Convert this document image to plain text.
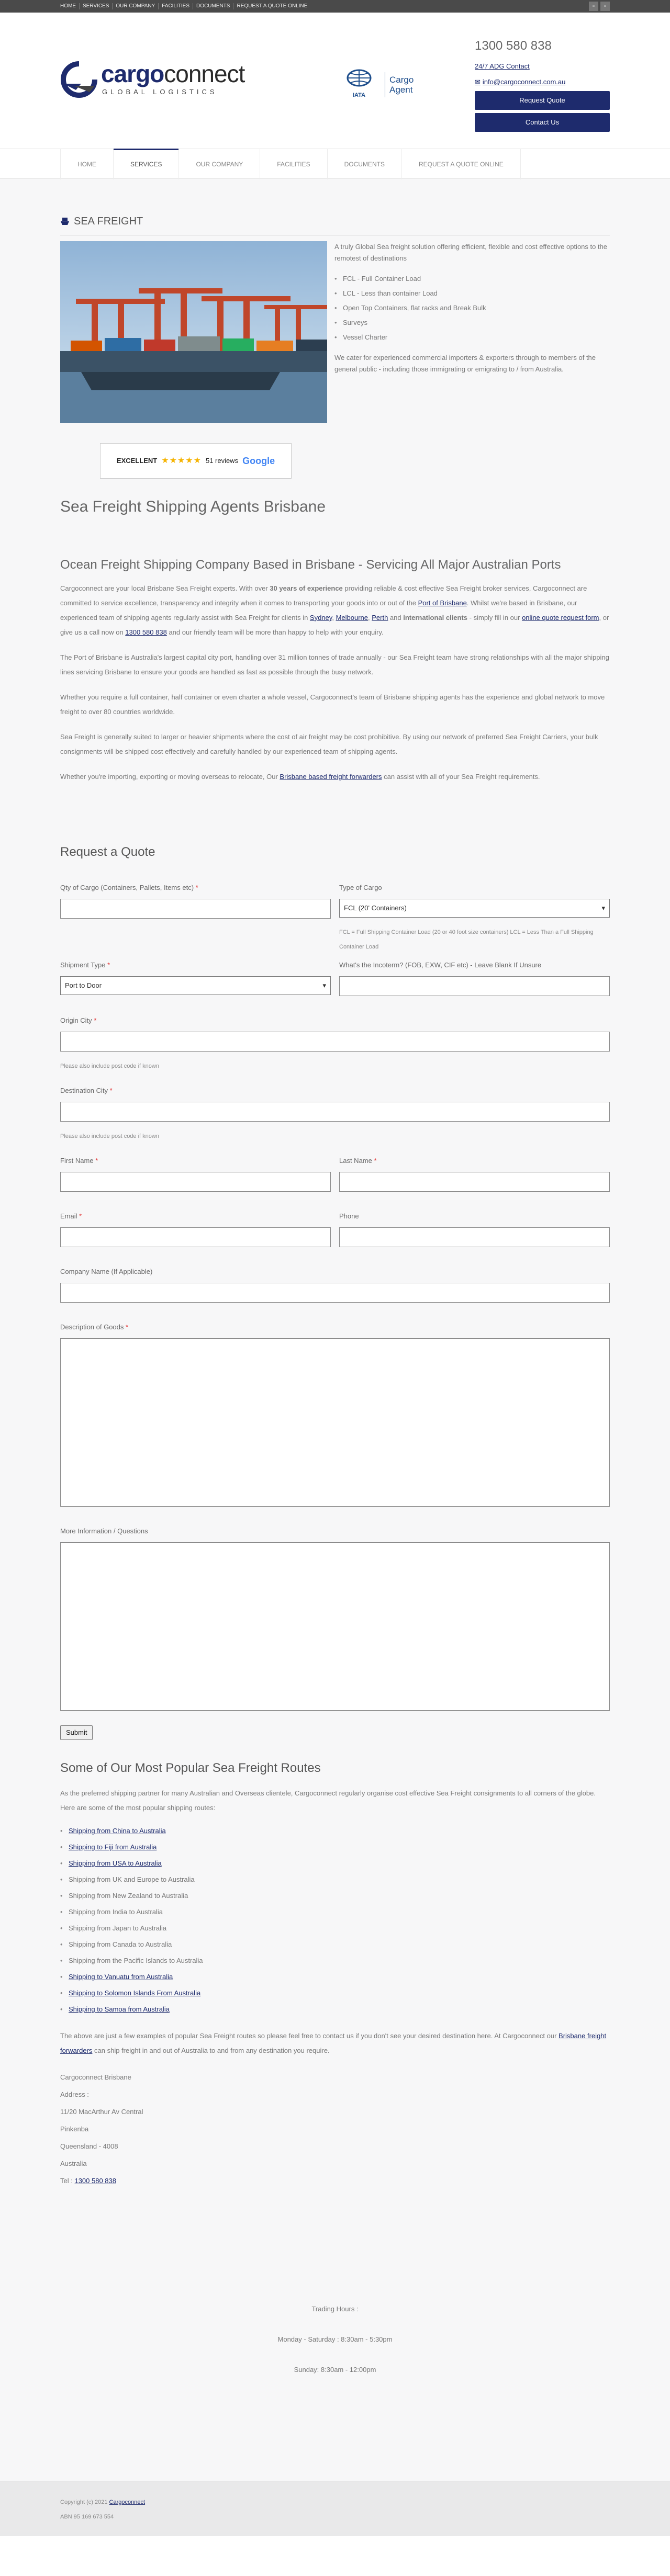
HOME	SERVICES	OUR COMPANY	FACILITIES	DOCUMENTS	REQUEST A QUOTE ONLINE	▫	▫
cargoconnect
GLOBAL LOGISTICS	IATA
Cargo
Agent
1300 580 838
24/7 ADG Contact
✉ info@cargoconnect.com.au
Request Quote
Contact Us
HOME	SERVICES	OUR COMPANY	FACILITIES	DOCUMENTS	REQUEST A QUOTE ONLINE
SEA FREIGHT

A truly Global Sea freight solution offering efficient, flexible and cost effective options to the remotest of destinations

• FCL - Full Container Load
• LCL - Less than container Load
• Open Top Containers, flat racks and Break Bulk
• Surveys
• Vessel Charter

We cater for experienced commercial importers & exporters through to members of the general public - including those immigrating or emigrating to / from Australia.

EXCELLENT ★★★★★ 51 reviews Google
Sea Freight Shipping Agents Brisbane
Ocean Freight Shipping Company Based in Brisbane - Servicing All Major Australian Ports

Cargoconnect are your local Brisbane Sea Freight experts. With over 30 years of experience providing reliable & cost effective Sea Freight broker services, Cargoconnect are committed to service excellence, transparency and integrity when it comes to transporting your goods into or out of the Port of Brisbane. Whilst we're based in Brisbane, our experienced team of shipping agents regularly assist with Sea Freight for clients in Sydney, Melbourne, Perth and international clients - simply fill in our online quote request form, or give us a call now on 1300 580 838 and our friendly team will be more than happy to help with your enquiry.

The Port of Brisbane is Australia's largest capital city port, handling over 31 million tonnes of trade annually - our Sea Freight team have strong relationships with all the major shipping lines servicing Brisbane to ensure your goods are handled as fast as possible through the busy network.

Whether you require a full container, half container or even charter a whole vessel, Cargoconnect's team of Brisbane shipping agents has the experience and global network to move freight to over 80 countries worldwide.

Sea Freight is generally suited to larger or heavier shipments where the cost of air freight may be cost prohibitive. By using our network of preferred Sea Freight Carriers, your bulk consignments will be shipped cost effectively and carefully handled by our experienced team of shipping agents.

Whether you're importing, exporting or moving overseas to relocate, Our Brisbane based freight forwarders can assist with all of your Sea Freight requirements.

Request a Quote
Qty of Cargo (Containers, Pallets, Items etc) *	Type of Cargo
FCL (20' Containers)	▾
FCL = Full Shipping Container Load (20 or 40 foot size containers) LCL = Less Than a Full Shipping Container Load
Shipment Type *
Port to Door	▾
What's the Incoterm? (FOB, EXW, CIF etc) - Leave Blank If Unsure
Origin City *
Please also include post code if known
Destination City *
Please also include post code if known
First Name *	Last Name *
Email *	Phone
Company Name (If Applicable)
Description of Goods *
More Information / Questions
Submit
Some of Our Most Popular Sea Freight Routes

As the preferred shipping partner for many Australian and Overseas clientele, Cargoconnect regularly organise cost effective Sea Freight consignments to all corners of the globe. Here are some of the most popular shipping routes:

• Shipping from China to Australia
• Shipping to Fiji from Australia
• Shipping from USA to Australia
• Shipping from UK and Europe to Australia
• Shipping from New Zealand to Australia
• Shipping from India to Australia
• Shipping from Japan to Australia
• Shipping from Canada to Australia
• Shipping from the Pacific Islands to Australia
• Shipping to Vanuatu from Australia
• Shipping to Solomon Islands From Australia
• Shipping to Samoa from Australia

The above are just a few examples of popular Sea Freight routes so please feel free to contact us if you don't see your desired destination here. At Cargoconnect our Brisbane freight forwarders can ship freight in and out of Australia to and from any destination you require.

Cargoconnect Brisbane
Address :
11/20 MacArthur Av Central
Pinkenba
Queensland - 4008
Australia
Tel : 1300 580 838
Trading Hours :
Monday - Saturday : 8:30am - 5:30pm
Sunday: 8:30am - 12:00pm
Copyright (c) 2021 Cargoconnect
ABN 95 169 673 554
